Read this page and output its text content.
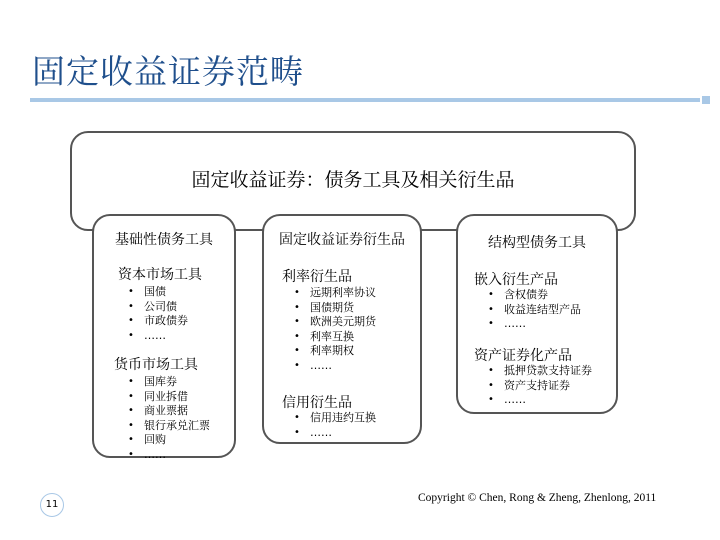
固定收益证券范畴
固定收益证券：债务工具及相关衍生品
基础性债务工具
资本市场工具
• 国债
• 公司债
• 市政债券
• ……
货币市场工具
• 国库券
• 同业拆借
• 商业票据
• 银行承兑汇票
• 回购
• ……
固定收益证券衍生品
利率衍生品
• 远期利率协议
• 国债期货
• 欧洲美元期货
• 利率互换
• 利率期权
• ……
信用衍生品
• 信用违约互换
• ……
结构型债务工具
嵌入衍生产品
• 含权债券
• 收益连结型产品
• ……
资产证券化产品
• 抵押贷款支持证券
• 资产支持证券
• ……
11
Copyright © Chen, Rong & Zheng, Zhenlong, 2011
